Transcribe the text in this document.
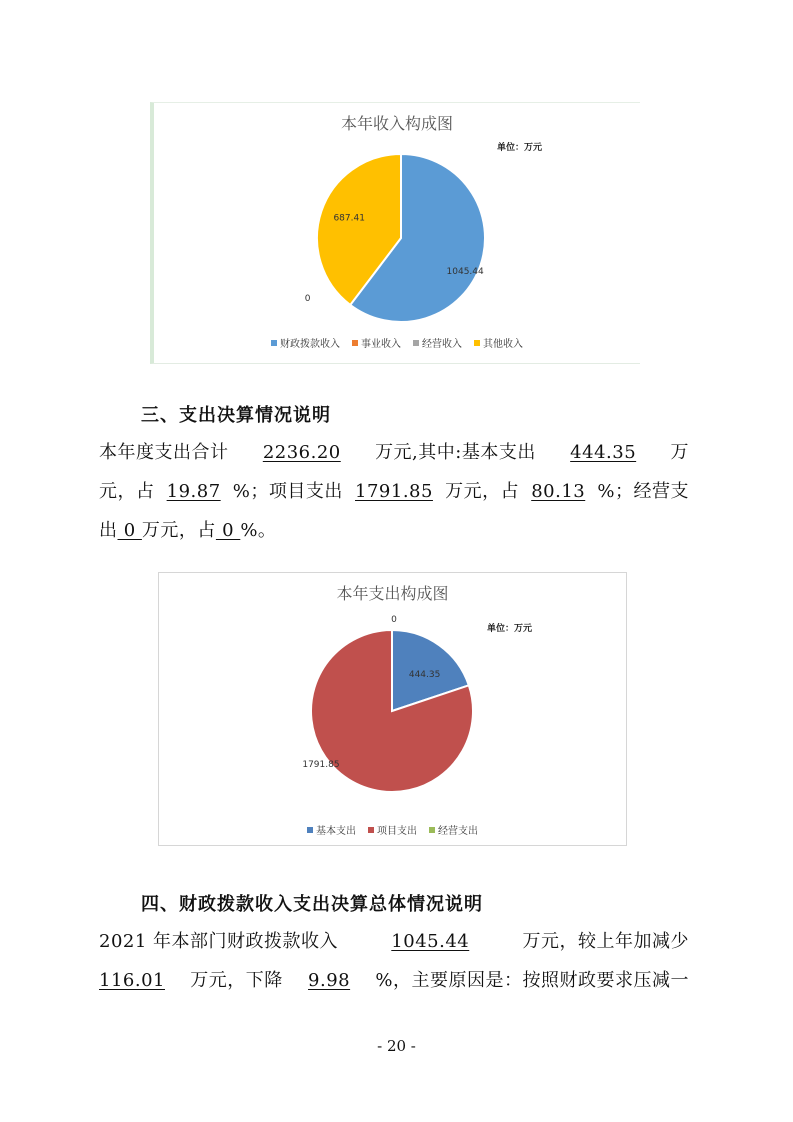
本年收入构成图
单位：万元
1045.44
0
687.41
财政拨款收入 事业收入 经营收入 其他收入
三、支出决算情况说明
本年度支出合计 2236.20 万元,其中:基本支出 444.35 万
元，占 19.87 %；项目支出 1791.85 万元，占 80.13 %；经营支
出 0 万元，占 0 %。
本年支出构成图
单位：万元
444.35
1791.85
0
基本支出 项目支出 经营支出
四、财政拨款收入支出决算总体情况说明
2021 年本部门财政拨款收入	1045.44	万元，较上年加减少
116.01 万元，下降 9.98 %，主要原因是：按照财政要求压减一
- 20 -
